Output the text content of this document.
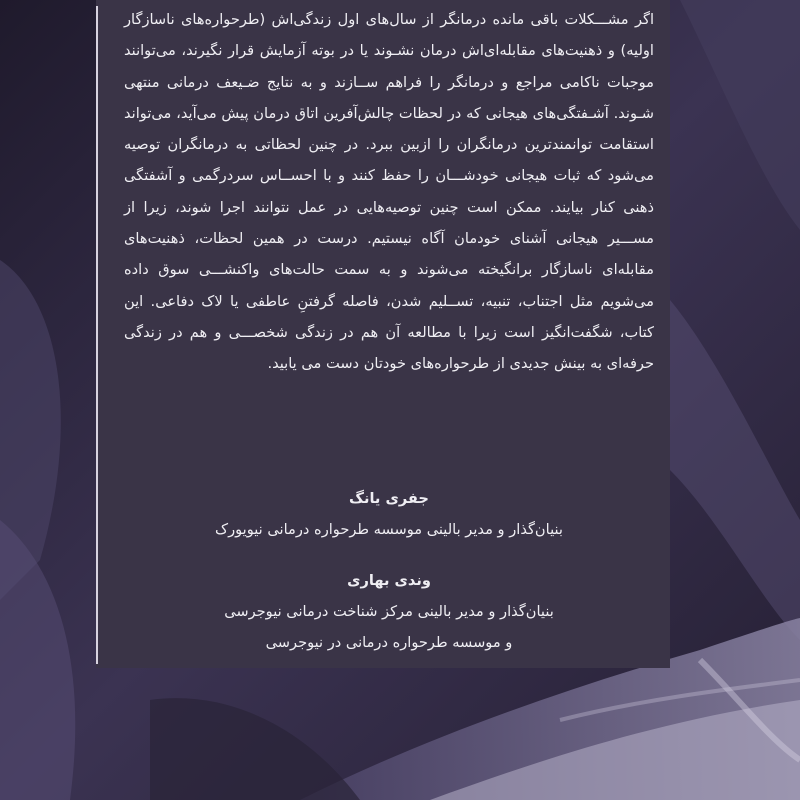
اگر مشـــکلات باقی مانده درمانگر از سال‌های اول زندگی‌اش (طرحواره‌های ناسازگار اولیه) و ذهنیت‌های مقابله‌ای‌اش درمان نشـوند یا در بوته آزمایش قرار نگیرند، می‌توانند موجبات ناکامی مراجع و درمانگر را فراهم ســازند و به نتایج ضـیعف درمانی منتهی شـوند. آشـفتگی‌های هیجانی که در لحظات چالش‌آفرین اتاق درمان پیش می‌آید، می‌تواند استقامت توانمندترین درمانگران را ازبین ببرد. در چنین لحظاتی به درمانگران توصیه می‌شود که ثبات هیجانی خودشـــان را حفظ کنند و با احســاس سردرگمی و آشفتگی ذهنی کنار بیایند. ممکن است چنین توصیه‌هایی در عمل نتوانند اجرا شوند، زیرا از مســـیر هیجانی آشنای خودمان آگاه نیستیم. درست در همین لحظات، ذهنیت‌های مقابله‌ای ناسازگار برانگیخته می‌شوند و به سمت حالت‌های واکنشـــی سوق داده می‌شویم مثل اجتناب، تنبیه، تســلیم شدن، فاصله گرفتنِ عاطفی یا لاک دفاعی. این کتاب، شگفت‌انگیز است زیرا با مطالعه آن هم در زندگی شخصـــی و هم در زندگی حرفه‌ای به بینش جدیدی از طرحواره‌های خودتان دست می یابید.

جفری یانگ
بنیان‌گذار و مدیر بالینی موسسه طرحواره درمانی نیویورک
وندی بهاری
بنیان‌گذار و مدیر بالینی مرکز شناخت درمانی نیوجرسی
و موسسه طرحواره درمانی در نیوجرسی
